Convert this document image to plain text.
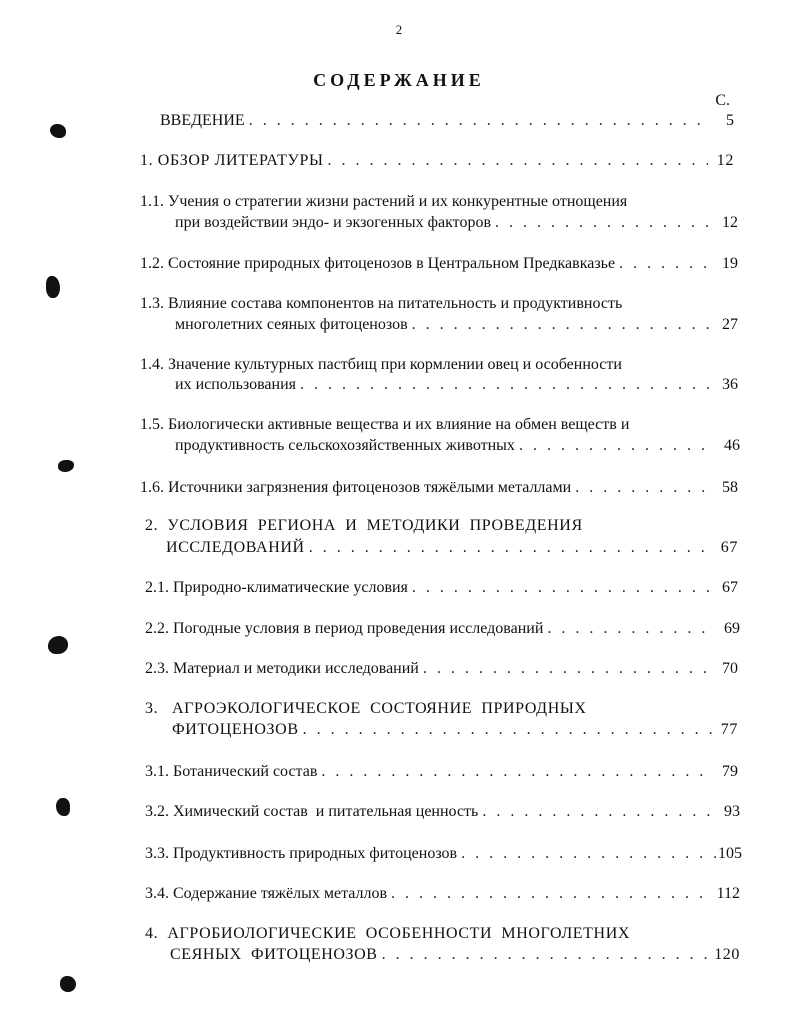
2
СОДЕРЖАНИЕ
С.
ВВЕДЕНИЕ . . .	5
1. ОБЗОР ЛИТЕРАТУРЫ . . .	12
1.1. Учения о стратегии жизни растений и их конкурентные отнощения
при воздействии эндо- и экзогенных факторов . . .	12
1.2. Состояние природных фитоценозов в Центральном Предкавказье . . .	19
1.3. Влияние состава компонентов на питательность и продуктивность
многолетних сеяных фитоценозов . . .	27
1.4. Значение культурных пастбищ при кормлении овец и особенности
их использования . . .	36
1.5. Биологически активные вещества и их влияние на обмен веществ и
продуктивность сельскохозяйственных животных . . .	46
1.6. Источники загрязнения фитоценозов тяжёлыми металлами . . .	58
2.  УСЛОВИЯ  РЕГИОНА  И  МЕТОДИКИ  ПРОВЕДЕНИЯ
ИССЛЕДОВАНИЙ . . .	67
2.1. Природно-климатические условия . . .	67
2.2. Погодные условия в период проведения исследований . . .	69
2.3. Материал и методики исследований . . .	70
3.   АГРОЭКОЛОГИЧЕСКОЕ  СОСТОЯНИЕ  ПРИРОДНЫХ
ФИТОЦЕНОЗОВ . . .	77
3.1. Ботанический состав . . .	79
3.2. Химический состав  и питательная ценность . . .	93
3.3. Продуктивность природных фитоценозов . . .	105
3.4. Содержание тяжёлых металлов . . .	112
4.  АГРОБИОЛОГИЧЕСКИЕ  ОСОБЕННОСТИ  МНОГОЛЕТНИХ
СЕЯНЫХ  ФИТОЦЕНОЗОВ . . .	120
